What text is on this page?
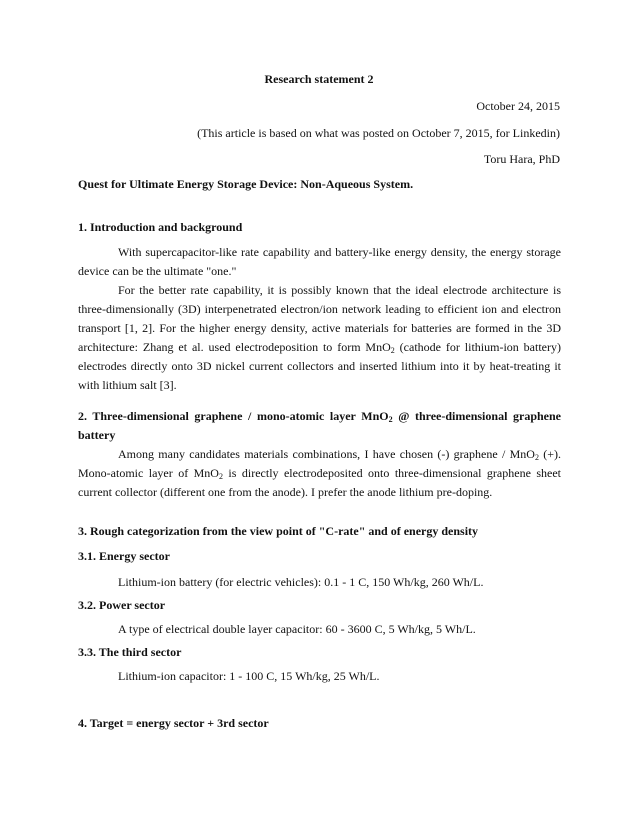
Research statement 2
October 24, 2015
(This article is based on what was posted on October 7, 2015, for Linkedin)
Toru Hara, PhD
Quest for Ultimate Energy Storage Device: Non-Aqueous System.
1. Introduction and background
With supercapacitor-like rate capability and battery-like energy density, the energy storage device can be the ultimate "one."
For the better rate capability, it is possibly known that the ideal electrode architecture is three-dimensionally (3D) interpenetrated electron/ion network leading to efficient ion and electron transport [1, 2]. For the higher energy density, active materials for batteries are formed in the 3D architecture: Zhang et al. used electrodeposition to form MnO$_2$ (cathode for lithium-ion battery) electrodes directly onto 3D nickel current collectors and inserted lithium into it by heat-treating it with lithium salt [3].
2. Three-dimensional graphene / mono-atomic layer MnO$_2$ @ three-dimensional graphene battery
Among many candidates materials combinations, I have chosen (-) graphene / MnO$_2$ (+). Mono-atomic layer of MnO$_2$ is directly electrodeposited onto three-dimensional graphene sheet current collector (different one from the anode). I prefer the anode lithium pre-doping.
3. Rough categorization from the view point of "C-rate" and of energy density
3.1. Energy sector
Lithium-ion battery (for electric vehicles): 0.1 - 1 C, 150 Wh/kg, 260 Wh/L.
3.2. Power sector
A type of electrical double layer capacitor: 60 - 3600 C, 5 Wh/kg, 5 Wh/L.
3.3. The third sector
Lithium-ion capacitor: 1 - 100 C, 15 Wh/kg, 25 Wh/L.
4. Target = energy sector + 3rd sector
